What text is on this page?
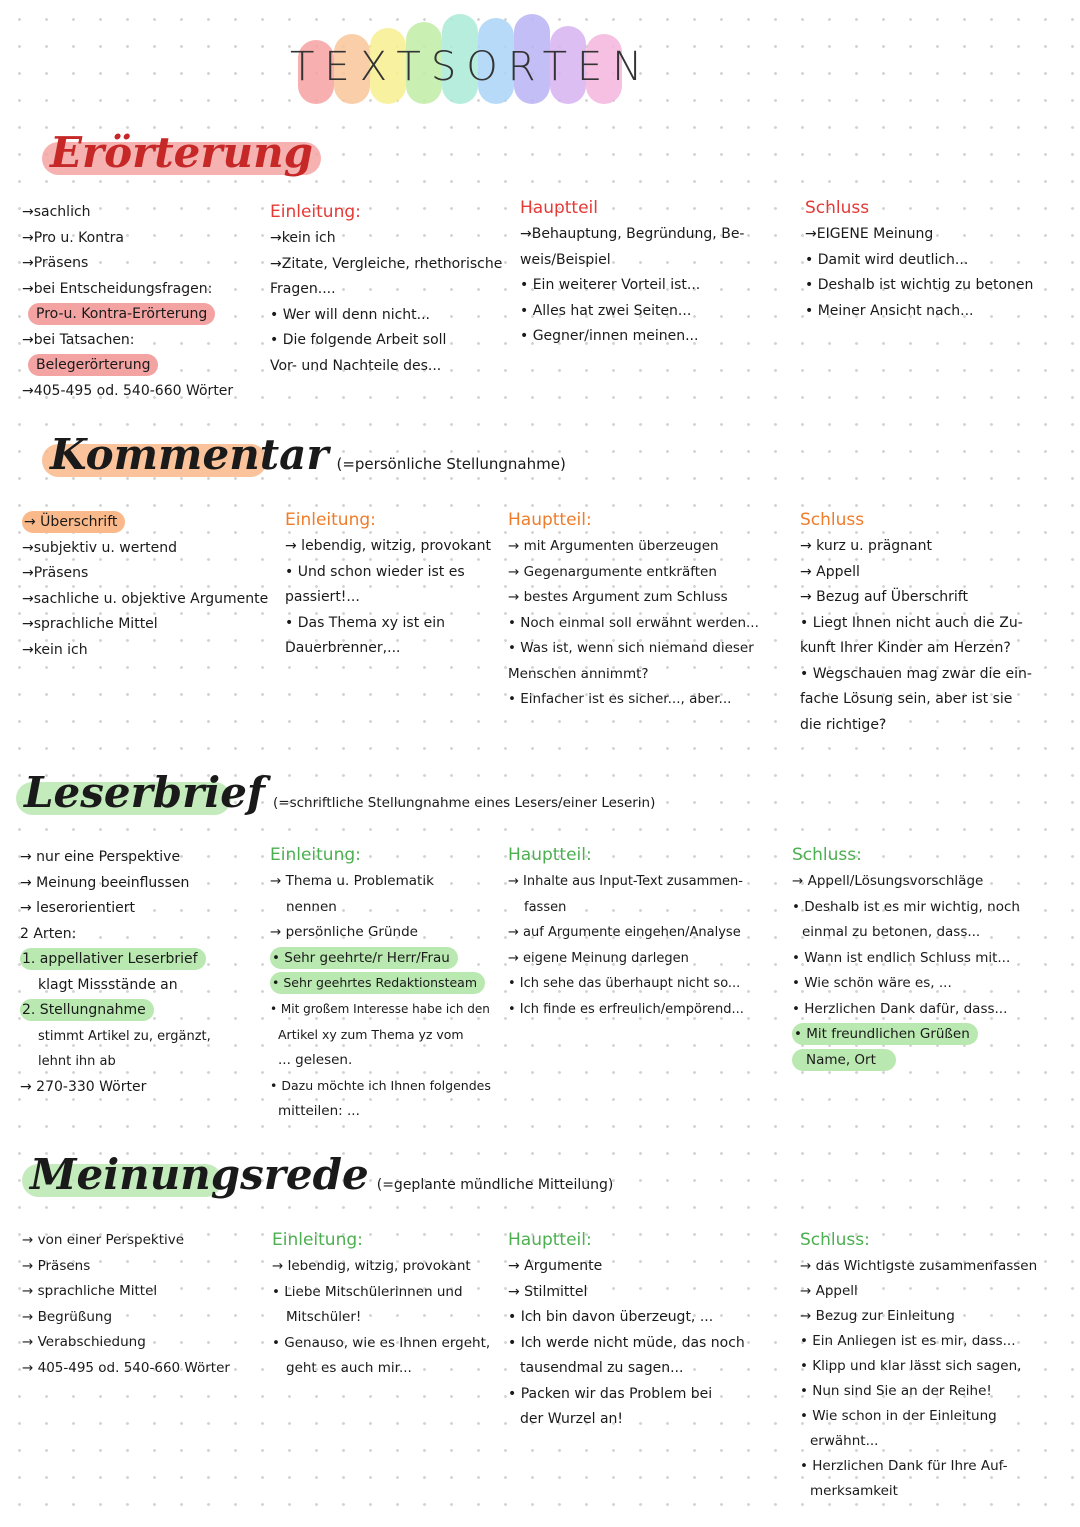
TEXTSORTEN
Erörterung
→sachlich
→Pro u. Kontra
→Präsens
→bei Entscheidungsfragen:
Pro-u. Kontra-Erörterung
→bei Tatsachen:
Belegerörterung
→405-495 od. 540-660 Wörter
Einleitung:
→kein ich
→Zitate, Vergleiche, rhethorische
Fragen....
• Wer will denn nicht...
• Die folgende Arbeit soll
Vor- und Nachteile des...
Hauptteil
→Behauptung, Begründung, Be-
weis/Beispiel
• Ein weiterer Vorteil ist...
• Alles hat zwei Seiten...
• Gegner/innen meinen...
Schluss
→EIGENE Meinung
• Damit wird deutlich...
• Deshalb ist wichtig zu betonen
• Meiner Ansicht nach...
Kommentar (=persönliche Stellungnahme)
→ Überschrift
→subjektiv u. wertend
→Präsens
→sachliche u. objektive Argumente
→sprachliche Mittel
→kein ich
Einleitung:
→ lebendig, witzig, provokant
• Und schon wieder ist es
passiert!...
• Das Thema xy ist ein
Dauerbrenner,...
Hauptteil:
→ mit Argumenten überzeugen
→ Gegenargumente entkräften
→ bestes Argument zum Schluss
• Noch einmal soll erwähnt werden...
• Was ist, wenn sich niemand dieser
Menschen annimmt?
• Einfacher ist es sicher..., aber...
Schluss
→ kurz u. prägnant
→ Appell
→ Bezug auf Überschrift
• Liegt Ihnen nicht auch die Zu-
kunft Ihrer Kinder am Herzen?
• Wegschauen mag zwar die ein-
fache Lösung sein, aber ist sie
die richtige?
Leserbrief (=schriftliche Stellungnahme eines Lesers/einer Leserin)
→ nur eine Perspektive
→ Meinung beeinflussen
→ leserorientiert
2 Arten:
1. appellativer Leserbrief
klagt Missstände an
2. Stellungnahme
stimmt Artikel zu, ergänzt,
lehnt ihn ab
→ 270-330 Wörter
Einleitung:
→ Thema u. Problematik
nennen
→ persönliche Gründe
• Sehr geehrte/r Herr/Frau
• Sehr geehrtes Redaktionsteam
• Mit großem Interesse habe ich den
Artikel xy zum Thema yz vom
... gelesen.
• Dazu möchte ich Ihnen folgendes
mitteilen: ...
Hauptteil:
→ Inhalte aus Input-Text zusammen-
fassen
→ auf Argumente eingehen/Analyse
→ eigene Meinung darlegen
• Ich sehe das überhaupt nicht so...
• Ich finde es erfreulich/empörend...
Schluss:
→ Appell/Lösungsvorschläge
• Deshalb ist es mir wichtig, noch
einmal zu betonen, dass...
• Wann ist endlich Schluss mit...
• Wie schön wäre es, ...
• Herzlichen Dank dafür, dass...
• Mit freundlichen Grüßen
Name, Ort
Meinungsrede (=geplante mündliche Mitteilung)
→ von einer Perspektive
→ Präsens
→ sprachliche Mittel
→ Begrüßung
→ Verabschiedung
→ 405-495 od. 540-660 Wörter
Einleitung:
→ lebendig, witzig, provokant
• Liebe Mitschülerinnen und
Mitschüler!
• Genauso, wie es Ihnen ergeht,
geht es auch mir...
Hauptteil:
→ Argumente
→ Stilmittel
• Ich bin davon überzeugt, ...
• Ich werde nicht müde, das noch
tausendmal zu sagen...
• Packen wir das Problem bei
der Wurzel an!
Schluss:
→ das Wichtigste zusammenfassen
→ Appell
→ Bezug zur Einleitung
• Ein Anliegen ist es mir, dass...
• Klipp und klar lässt sich sagen,
• Nun sind Sie an der Reihe!
• Wie schon in der Einleitung
erwähnt...
• Herzlichen Dank für Ihre Auf-
merksamkeit
